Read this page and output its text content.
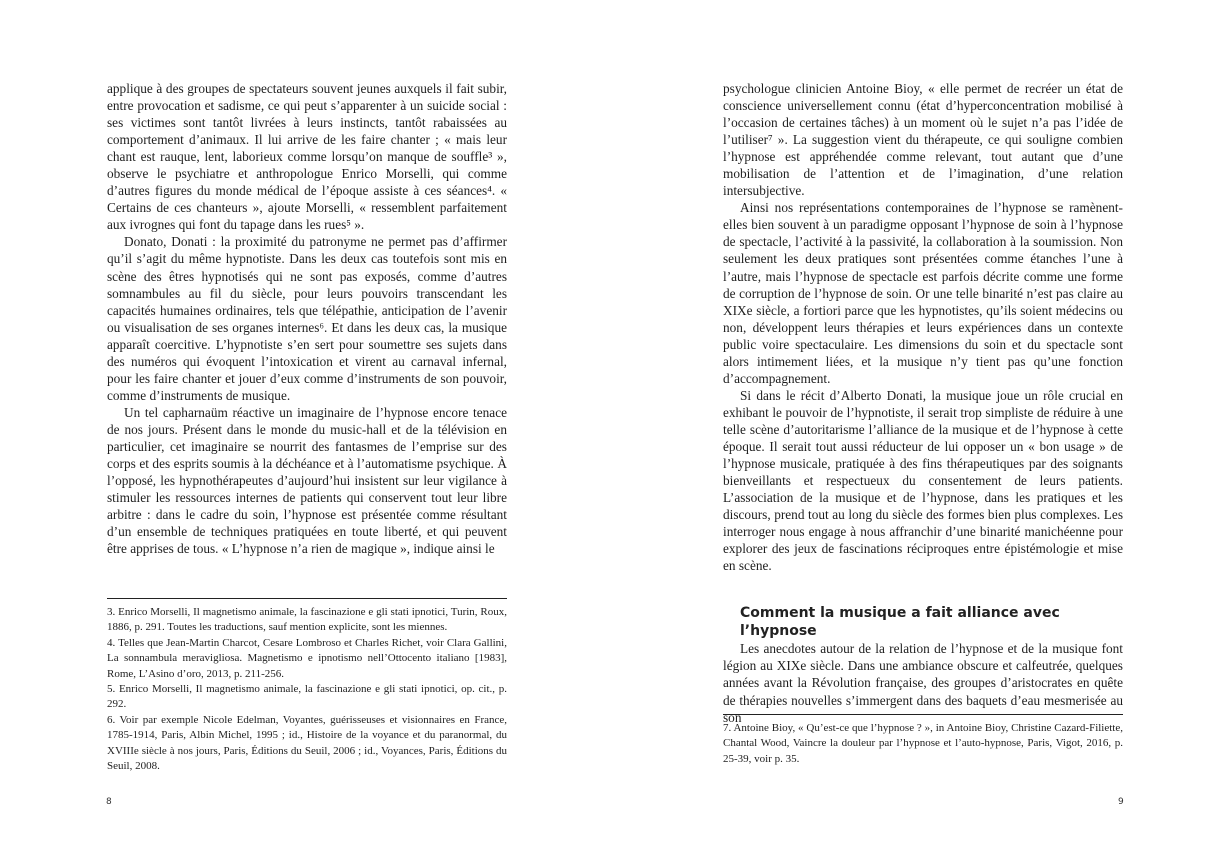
applique à des groupes de spectateurs souvent jeunes auxquels il fait subir, entre provocation et sadisme, ce qui peut s’apparenter à un suicide social : ses victimes sont tantôt livrées à leurs instincts, tantôt rabaissées au comportement d’animaux. Il lui arrive de les faire chanter ; « mais leur chant est rauque, lent, laborieux comme lorsqu’on manque de souffle³ », observe le psychiatre et anthropologue Enrico Morselli, qui comme d’autres figures du monde médical de l’époque assiste à ces séances⁴. « Certains de ces chanteurs », ajoute Morselli, « ressemblent parfaitement aux ivrognes qui font du tapage dans les rues⁵ ».

Donato, Donati : la proximité du patronyme ne permet pas d’affirmer qu’il s’agit du même hypnotiste. Dans les deux cas toutefois sont mis en scène des êtres hypnotisés qui ne sont pas exposés, comme d’autres somnambules au fil du siècle, pour leurs pouvoirs transcendant les capacités humaines ordinaires, tels que télépathie, anticipation de l’avenir ou visualisation de ses organes internes⁶. Et dans les deux cas, la musique apparaît coercitive. L’hypnotiste s’en sert pour soumettre ses sujets dans des numéros qui évoquent l’intoxication et virent au carnaval infernal, pour les faire chanter et jouer d’eux comme d’instruments de son pouvoir, comme d’instruments de musique.

Un tel capharnaüm réactive un imaginaire de l’hypnose encore tenace de nos jours. Présent dans le monde du music-hall et de la télévision en particulier, cet imaginaire se nourrit des fantasmes de l’emprise sur des corps et des esprits soumis à la déchéance et à l’automatisme psychique. À l’opposé, les hypnothérapeutes d’aujourd’hui insistent sur leur vigilance à stimuler les ressources internes de patients qui conservent tout leur libre arbitre : dans le cadre du soin, l’hypnose est présentée comme résultant d’un ensemble de techniques pratiquées en toute liberté, et qui peuvent être apprises de tous. « L’hypnose n’a rien de magique », indique ainsi le

3. Enrico Morselli, Il magnetismo animale, la fascinazione e gli stati ipnotici, Turin, Roux, 1886, p. 291. Toutes les traductions, sauf mention explicite, sont les miennes.

4. Telles que Jean-Martin Charcot, Cesare Lombroso et Charles Richet, voir Clara Gallini, La sonnambula meravigliosa. Magnetismo e ipnotismo nell’Ottocento italiano [1983], Rome, L’Asino d’oro, 2013, p. 211-256.

5. Enrico Morselli, Il magnetismo animale, la fascinazione e gli stati ipnotici, op. cit., p. 292.

6. Voir par exemple Nicole Edelman, Voyantes, guérisseuses et visionnaires en France, 1785-1914, Paris, Albin Michel, 1995 ; id., Histoire de la voyance et du paranormal, du XVIIIe siècle à nos jours, Paris, Éditions du Seuil, 2006 ; id., Voyances, Paris, Éditions du Seuil, 2008.

8

psychologue clinicien Antoine Bioy, « elle permet de recréer un état de conscience universellement connu (état d’hyperconcentration mobilisé à l’occasion de certaines tâches) à un moment où le sujet n’a pas l’idée de l’utiliser⁷ ». La suggestion vient du thérapeute, ce qui souligne combien l’hypnose est appréhendée comme relevant, tout autant que d’une mobilisation de l’attention et de l’imagination, d’une relation intersubjective.

Ainsi nos représentations contemporaines de l’hypnose se ramènent-elles bien souvent à un paradigme opposant l’hypnose de soin à l’hypnose de spectacle, l’activité à la passivité, la collaboration à la soumission. Non seulement les deux pratiques sont présentées comme étanches l’une à l’autre, mais l’hypnose de spectacle est parfois décrite comme une forme de corruption de l’hypnose de soin. Or une telle binarité n’est pas claire au XIXe siècle, a fortiori parce que les hypnotistes, qu’ils soient médecins ou non, développent leurs thérapies et leurs expériences dans un contexte public voire spectaculaire. Les dimensions du soin et du spectacle sont alors intimement liées, et la musique n’y tient pas qu’une fonction d’accompagnement.

Si dans le récit d’Alberto Donati, la musique joue un rôle crucial en exhibant le pouvoir de l’hypnotiste, il serait trop simpliste de réduire à une telle scène d’autoritarisme l’alliance de la musique et de l’hypnose à cette époque. Il serait tout aussi réducteur de lui opposer un « bon usage » de l’hypnose musicale, pratiquée à des fins thérapeutiques par des soignants bienveillants et respectueux du consentement de leurs patients. L’association de la musique et de l’hypnose, dans les pratiques et les discours, prend tout au long du siècle des formes bien plus complexes. Les interroger nous engage à nous affranchir d’une binarité manichéenne pour explorer des jeux de fascinations réciproques entre épistémologie et mise en scène.

Comment la musique a fait alliance avec l’hypnose

Les anecdotes autour de la relation de l’hypnose et de la musique font légion au XIXe siècle. Dans une ambiance obscure et calfeutrée, quelques années avant la Révolution française, des groupes d’aristocrates en quête de thérapies nouvelles s’immergent dans des baquets d’eau mesmerisée au son

7. Antoine Bioy, « Qu’est-ce que l’hypnose ? », in Antoine Bioy, Christine Cazard-Filiette, Chantal Wood, Vaincre la douleur par l’hypnose et l’auto-hypnose, Paris, Vigot, 2016, p. 25-39, voir p. 35.

9
